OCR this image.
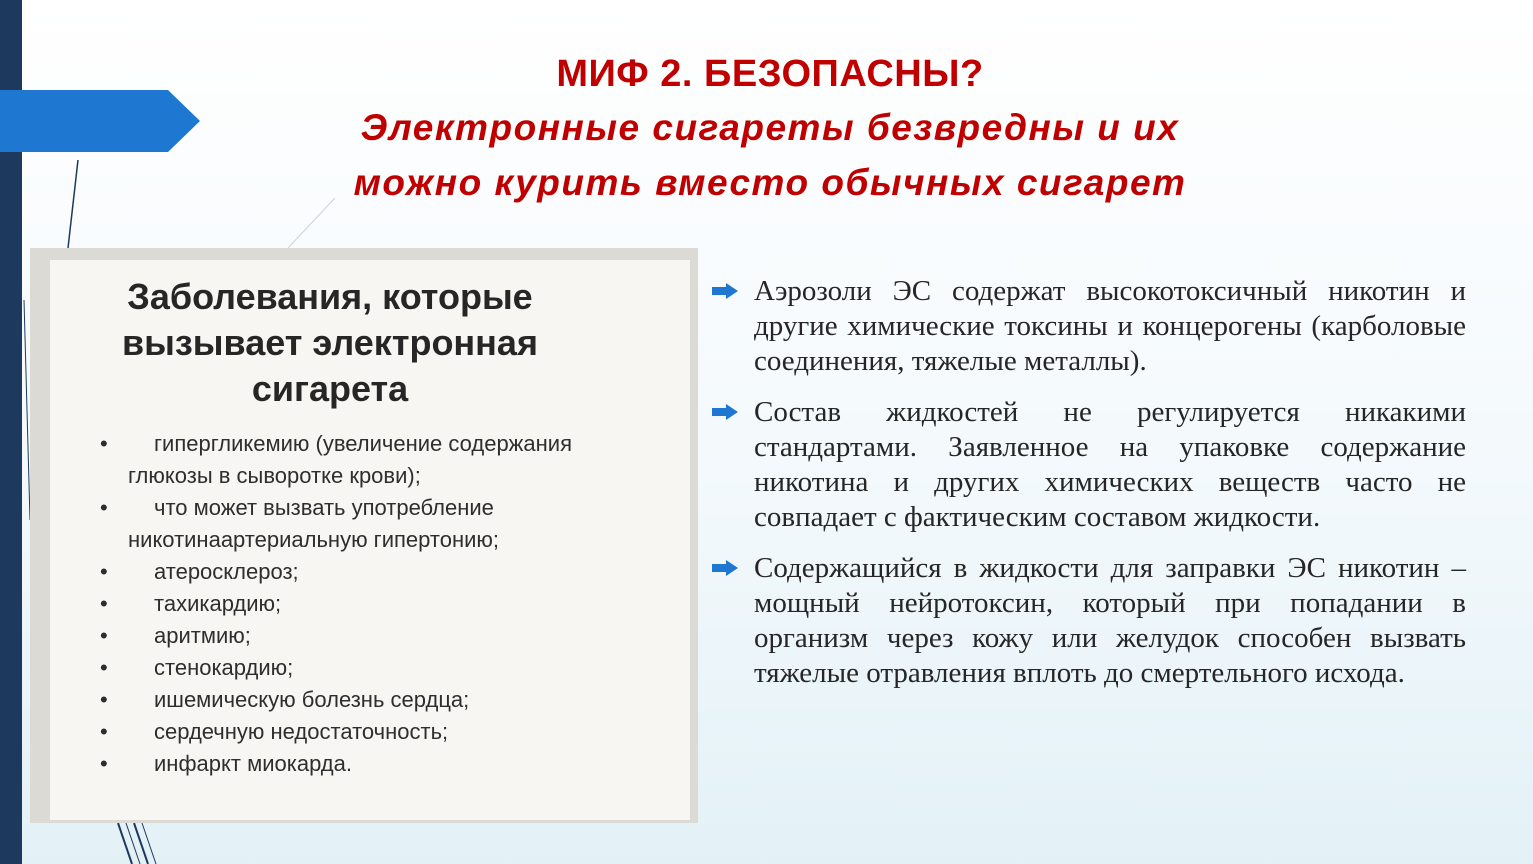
МИФ 2. БЕЗОПАСНЫ?
Электронные сигареты безвредны и их
можно курить вместо обычных сигарет
Заболевания, которые
вызывает электронная
сигарета
•	гипергликемию (увеличение содержания
глюкозы в сыворотке крови);
•	что может вызвать употребление
никотинаартериальную гипертонию;
•	атеросклероз;
•	тахикардию;
•	аритмию;
•	стенокардию;
•	ишемическую болезнь сердца;
•	сердечную недостаточность;
•	инфаркт миокарда.
Аэрозоли ЭС содержат высокотоксичный никотин и другие химические токсины и концерогены (карболовые соединения, тяжелые металлы).
Состав жидкостей не регулируется никакими стандартами. Заявленное на упаковке содержание никотина и других химических веществ часто не совпадает с фактическим составом жидкости.
Содержащийся в жидкости для заправки ЭС никотин – мощный нейротоксин, который при попадании в организм через кожу или желудок способен вызвать тяжелые отравления вплоть до смертельного исхода.
